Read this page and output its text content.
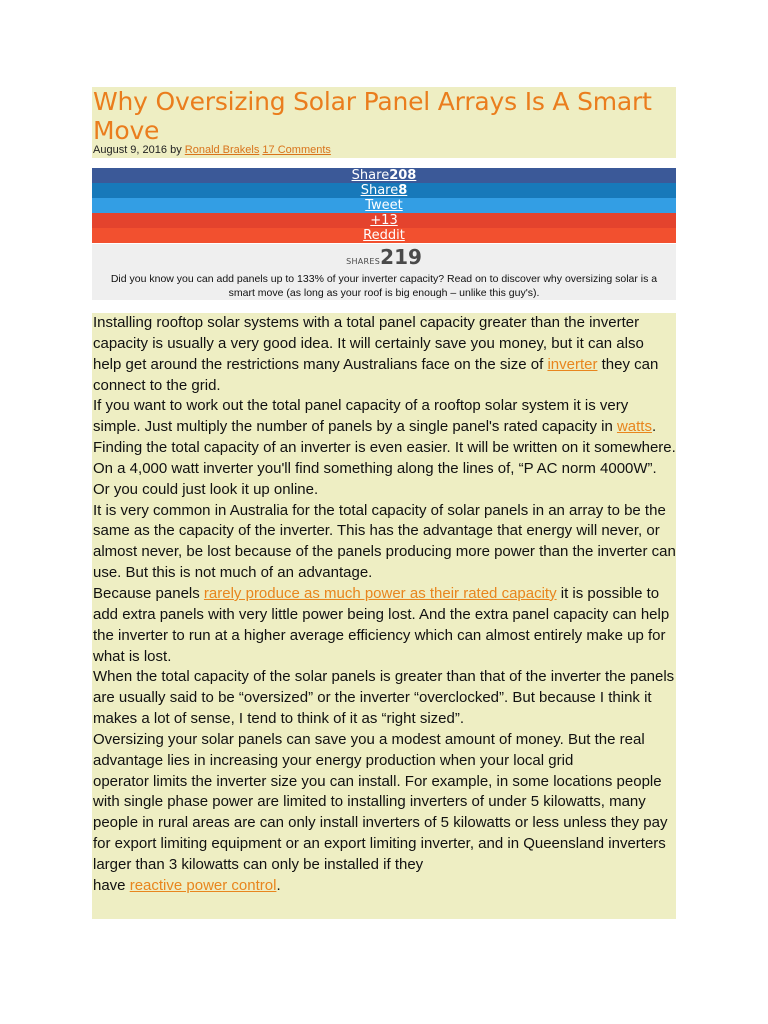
Why Oversizing Solar Panel Arrays Is A Smart Move
August 9, 2016 by Ronald Brakels 17 Comments
Share208
Share8
Tweet
+13
Reddit
SHARES219
Did you know you can add panels up to 133% of your inverter capacity? Read on to discover why oversizing solar is a smart move (as long as your roof is big enough – unlike this guy's).

Installing rooftop solar systems with a total panel capacity greater than the inverter capacity is usually a very good idea. It will certainly save you money, but it can also help get around the restrictions many Australians face on the size of inverter they can connect to the grid.

If you want to work out the total panel capacity of a rooftop solar system it is very simple. Just multiply the number of panels by a single panel's rated capacity in watts.

Finding the total capacity of an inverter is even easier. It will be written on it somewhere. On a 4,000 watt inverter you'll find something along the lines of, “P AC norm 4000W”. Or you could just look it up online.

It is very common in Australia for the total capacity of solar panels in an array to be the same as the capacity of the inverter. This has the advantage that energy will never, or almost never, be lost because of the panels producing more power than the inverter can use. But this is not much of an advantage.

Because panels rarely produce as much power as their rated capacity it is possible to add extra panels with very little power being lost. And the extra panel capacity can help the inverter to run at a higher average efficiency which can almost entirely make up for what is lost.

When the total capacity of the solar panels is greater than that of the inverter the panels are usually said to be “oversized” or the inverter “overclocked”. But because I think it makes a lot of sense, I tend to think of it as “right sized”.

Oversizing your solar panels can save you a modest amount of money. But the real advantage lies in increasing your energy production when your local grid
operator limits the inverter size you can install. For example, in some locations people with single phase power are limited to installing inverters of under 5 kilowatts, many people in rural areas are can only install inverters of 5 kilowatts or less unless they pay for export limiting equipment or an export limiting inverter, and in Queensland inverters larger than 3 kilowatts can only be installed if they
have reactive power control.
